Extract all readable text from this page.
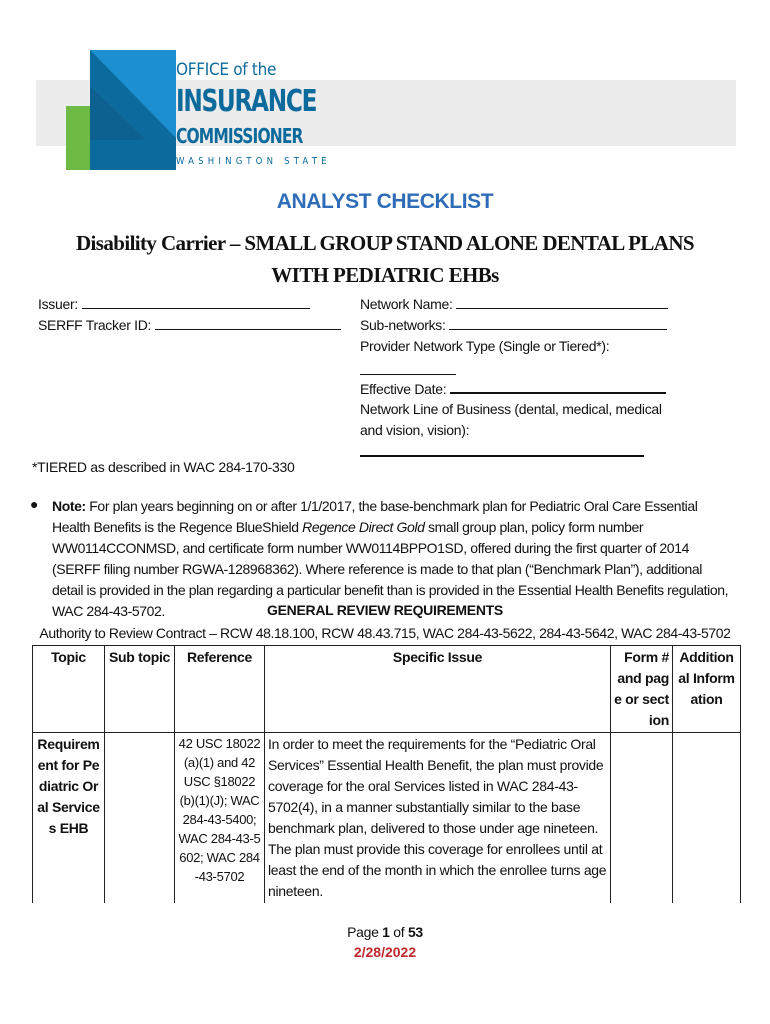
OFFICE of the
INSURANCE
COMMISSIONER
WASHINGTON STATE
ANALYST CHECKLIST
Disability Carrier – SMALL GROUP STAND ALONE DENTAL PLANS WITH PEDIATRIC EHBs
Issuer:
SERFF Tracker ID:
Network Name:
Sub-networks:
Provider Network Type (Single or Tiered*):
Effective Date:
Network Line of Business (dental, medical, medical and vision, vision):
*TIERED as described in WAC 284-170-330
● Note: For plan years beginning on or after 1/1/2017, the base-benchmark plan for Pediatric Oral Care Essential Health Benefits is the Regence BlueShield Regence Direct Gold small group plan, policy form number WW0114CCONMSD, and certificate form number WW0114BPPO1SD, offered during the first quarter of 2014 (SERFF filing number RGWA-128968362). Where reference is made to that plan (“Benchmark Plan”), additional detail is provided in the plan regarding a particular benefit than is provided in the Essential Health Benefits regulation, WAC 284-43-5702.	GENERAL REVIEW REQUIREMENTS
Authority to Review Contract – RCW 48.18.100, RCW 48.43.715, WAC 284-43-5622, 284-43-5642, WAC 284-43-5702
Topic	Sub topic	Reference	Specific Issue	Form # and page or section	Additional Information
Requirement for Pediatric Oral Services EHB		42 USC 18022(a)(1) and 42 USC §18022(b)(1)(J); WAC 284-43-5400; WAC 284-43-5602; WAC 284-43-5702	In order to meet the requirements for the “Pediatric Oral Services” Essential Health Benefit, the plan must provide coverage for the oral Services listed in WAC 284-43-5702(4), in a manner substantially similar to the base benchmark plan, delivered to those under age nineteen. The plan must provide this coverage for enrollees until at least the end of the month in which the enrollee turns age nineteen.		
Page 1 of 53
2/28/2022
